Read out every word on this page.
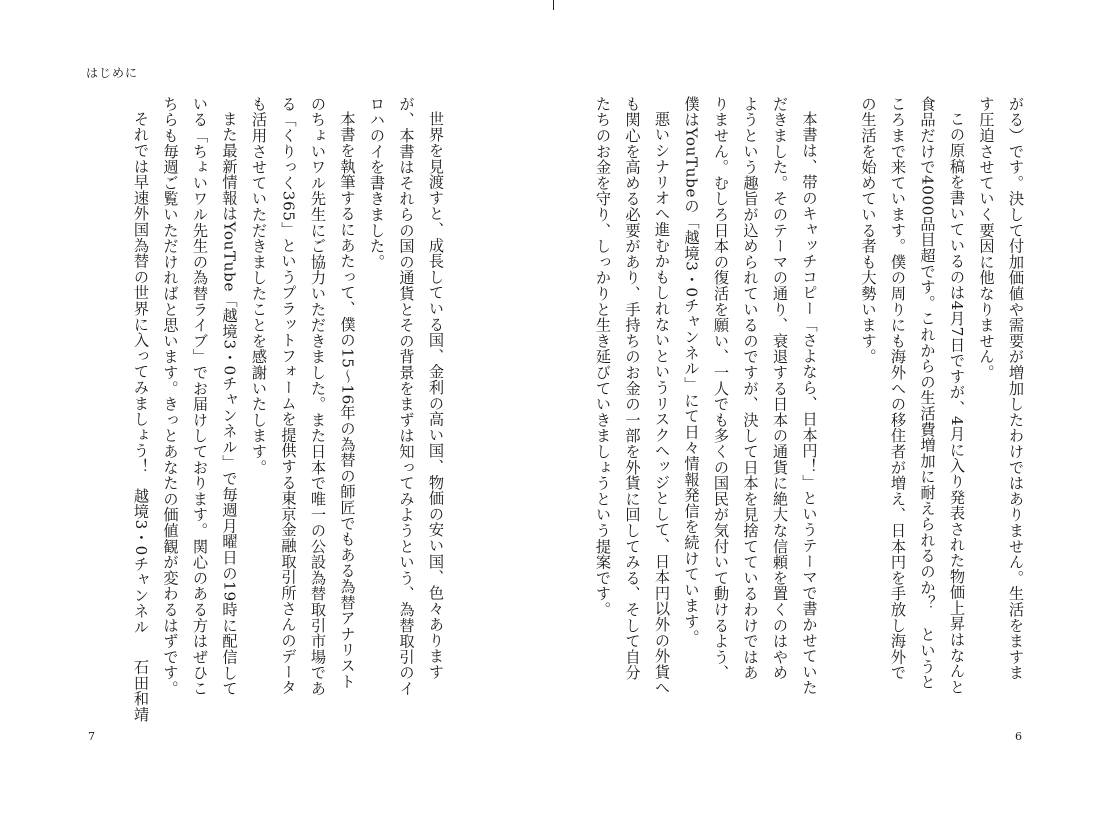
はじめに

がる）です。決して付加価値や需要が増加したわけではありません。生活をますます圧迫させていく要因に他なりません。

この原稿を書いているのは4月7日ですが、4月に入り発表された物価上昇はなんと食品だけで4000品目超です。これからの生活費増加に耐えられるのか？　というところまで来ています。僕の周りにも海外への移住者が増え、日本円を手放し海外での生活を始めている者も大勢います。

本書は、帯のキャッチコピー「さよなら、日本円！」というテーマで書かせていただきました。そのテーマの通り、衰退する日本の通貨に絶大な信頼を置くのはやめようという趣旨が込められているのですが、決して日本を見捨てているわけではありません。むしろ日本の復活を願い、一人でも多くの国民が気付いて動けるよう、僕はYouTubeの「越境3・0チャンネル」にて日々情報発信を続けています。

悪いシナリオへ進むかもしれないというリスクヘッジとして、日本円以外の外貨へも関心を高める必要があり、手持ちのお金の一部を外貨に回してみる、そして自分たちのお金を守り、しっかりと生き延びていきましょうという提案です。

世界を見渡すと、成長している国、金利の高い国、物価の安い国、色々ありますが、本書はそれらの国の通貨とその背景をまずは知ってみようという、為替取引のイロハのイを書きました。

本書を執筆するにあたって、僕の15～16年の為替の師匠でもある為替アナリストのちょいワル先生にご協力いただきました。また日本で唯一の公設為替取引市場である「くりっく365」というプラットフォームを提供する東京金融取引所さんのデータも活用させていただきましたことを感謝いたします。

また最新情報はYouTube「越境3・0チャンネル」で毎週月曜日の19時に配信している「ちょいワル先生の為替ライブ」でお届けしております。関心のある方はぜひこちらも毎週ご覧いただければと思います。きっとあなたの価値観が変わるはずです。

それでは早速外国為替の世界に入ってみましょう！

越境3・0チャンネル石田和靖
7	6
